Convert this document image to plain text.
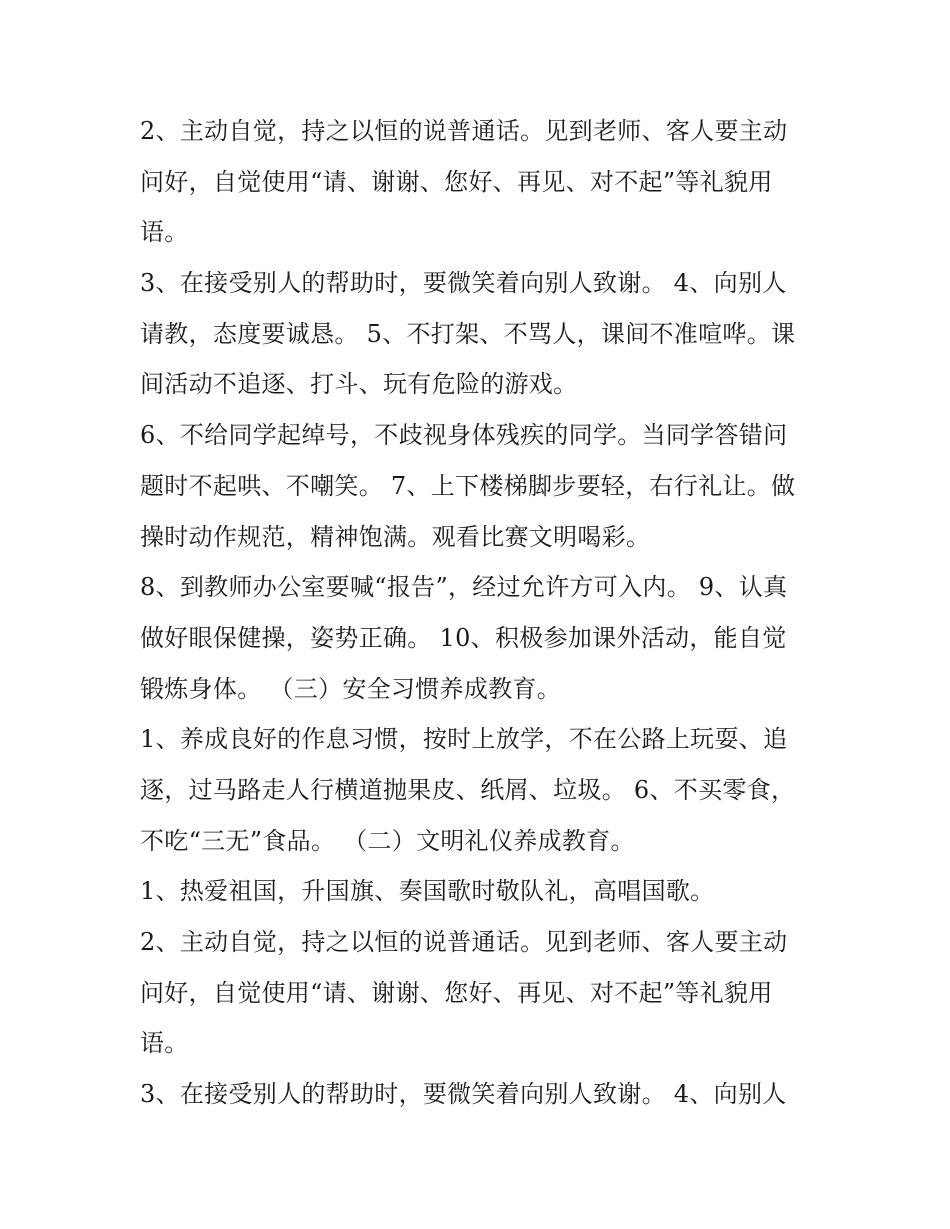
2、主动自觉，持之以恒的说普通话。见到老师、客人要主动
问好，自觉使用“请、谢谢、您好、再见、对不起”等礼貌用
语。
3、在接受别人的帮助时，要微笑着向别人致谢。 4、向别人
请教，态度要诚恳。 5、不打架、不骂人，课间不准喧哗。课
间活动不追逐、打斗、玩有危险的游戏。
6、不给同学起绰号，不歧视身体残疾的同学。当同学答错问
题时不起哄、不嘲笑。 7、上下楼梯脚步要轻，右行礼让。做
操时动作规范，精神饱满。观看比赛文明喝彩。
8、到教师办公室要喊“报告”，经过允许方可入内。 9、认真
做好眼保健操，姿势正确。 10、积极参加课外活动，能自觉
锻炼身体。 （三）安全习惯养成教育。
1、养成良好的作息习惯，按时上放学，不在公路上玩耍、追
逐，过马路走人行横道抛果皮、纸屑、垃圾。 6、不买零食，
不吃“三无”食品。 （二）文明礼仪养成教育。
1、热爱祖国，升国旗、奏国歌时敬队礼，高唱国歌。
2、主动自觉，持之以恒的说普通话。见到老师、客人要主动
问好，自觉使用“请、谢谢、您好、再见、对不起”等礼貌用
语。
3、在接受别人的帮助时，要微笑着向别人致谢。 4、向别人
